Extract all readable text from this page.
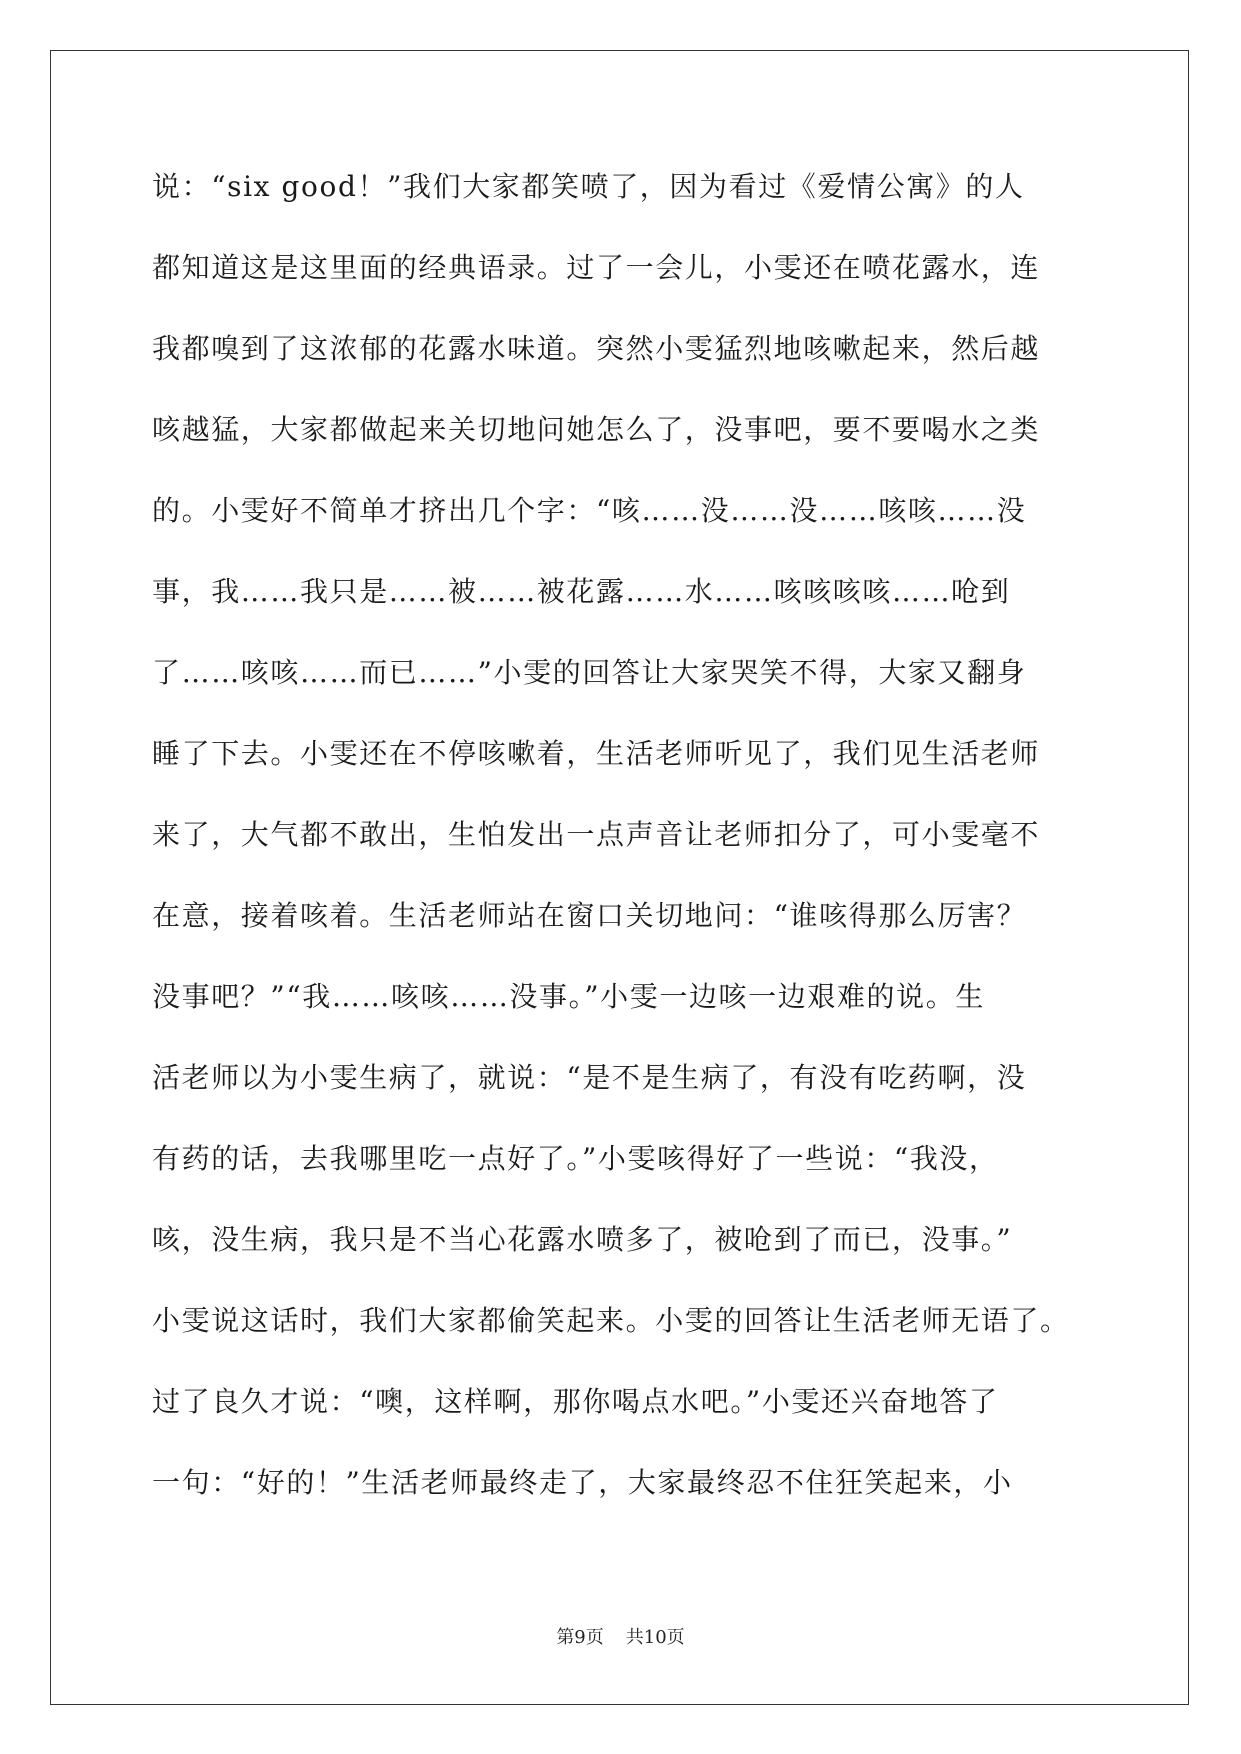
说：“six good！”我们大家都笑喷了，因为看过《爱情公寓》的人
都知道这是这里面的经典语录。过了一会儿，小雯还在喷花露水，连
我都嗅到了这浓郁的花露水味道。突然小雯猛烈地咳嗽起来，然后越
咳越猛，大家都做起来关切地问她怎么了，没事吧，要不要喝水之类
的。小雯好不简单才挤出几个字：“咳……没……没……咳咳……没
事，我……我只是……被……被花露……水……咳咳咳咳……呛到
了……咳咳……而已……”小雯的回答让大家哭笑不得，大家又翻身
睡了下去。小雯还在不停咳嗽着，生活老师听见了，我们见生活老师
来了，大气都不敢出，生怕发出一点声音让老师扣分了，可小雯毫不
在意，接着咳着。生活老师站在窗口关切地问：“谁咳得那么厉害？
没事吧？”“我……咳咳……没事。”小雯一边咳一边艰难的说。生
活老师以为小雯生病了，就说：“是不是生病了，有没有吃药啊，没
有药的话，去我哪里吃一点好了。”小雯咳得好了一些说：“我没，
咳，没生病，我只是不当心花露水喷多了，被呛到了而已，没事。”
小雯说这话时，我们大家都偷笑起来。小雯的回答让生活老师无语了。
过了良久才说：“噢，这样啊，那你喝点水吧。”小雯还兴奋地答了
一句：“好的！”生活老师最终走了，大家最终忍不住狂笑起来，小
第9页 共10页
